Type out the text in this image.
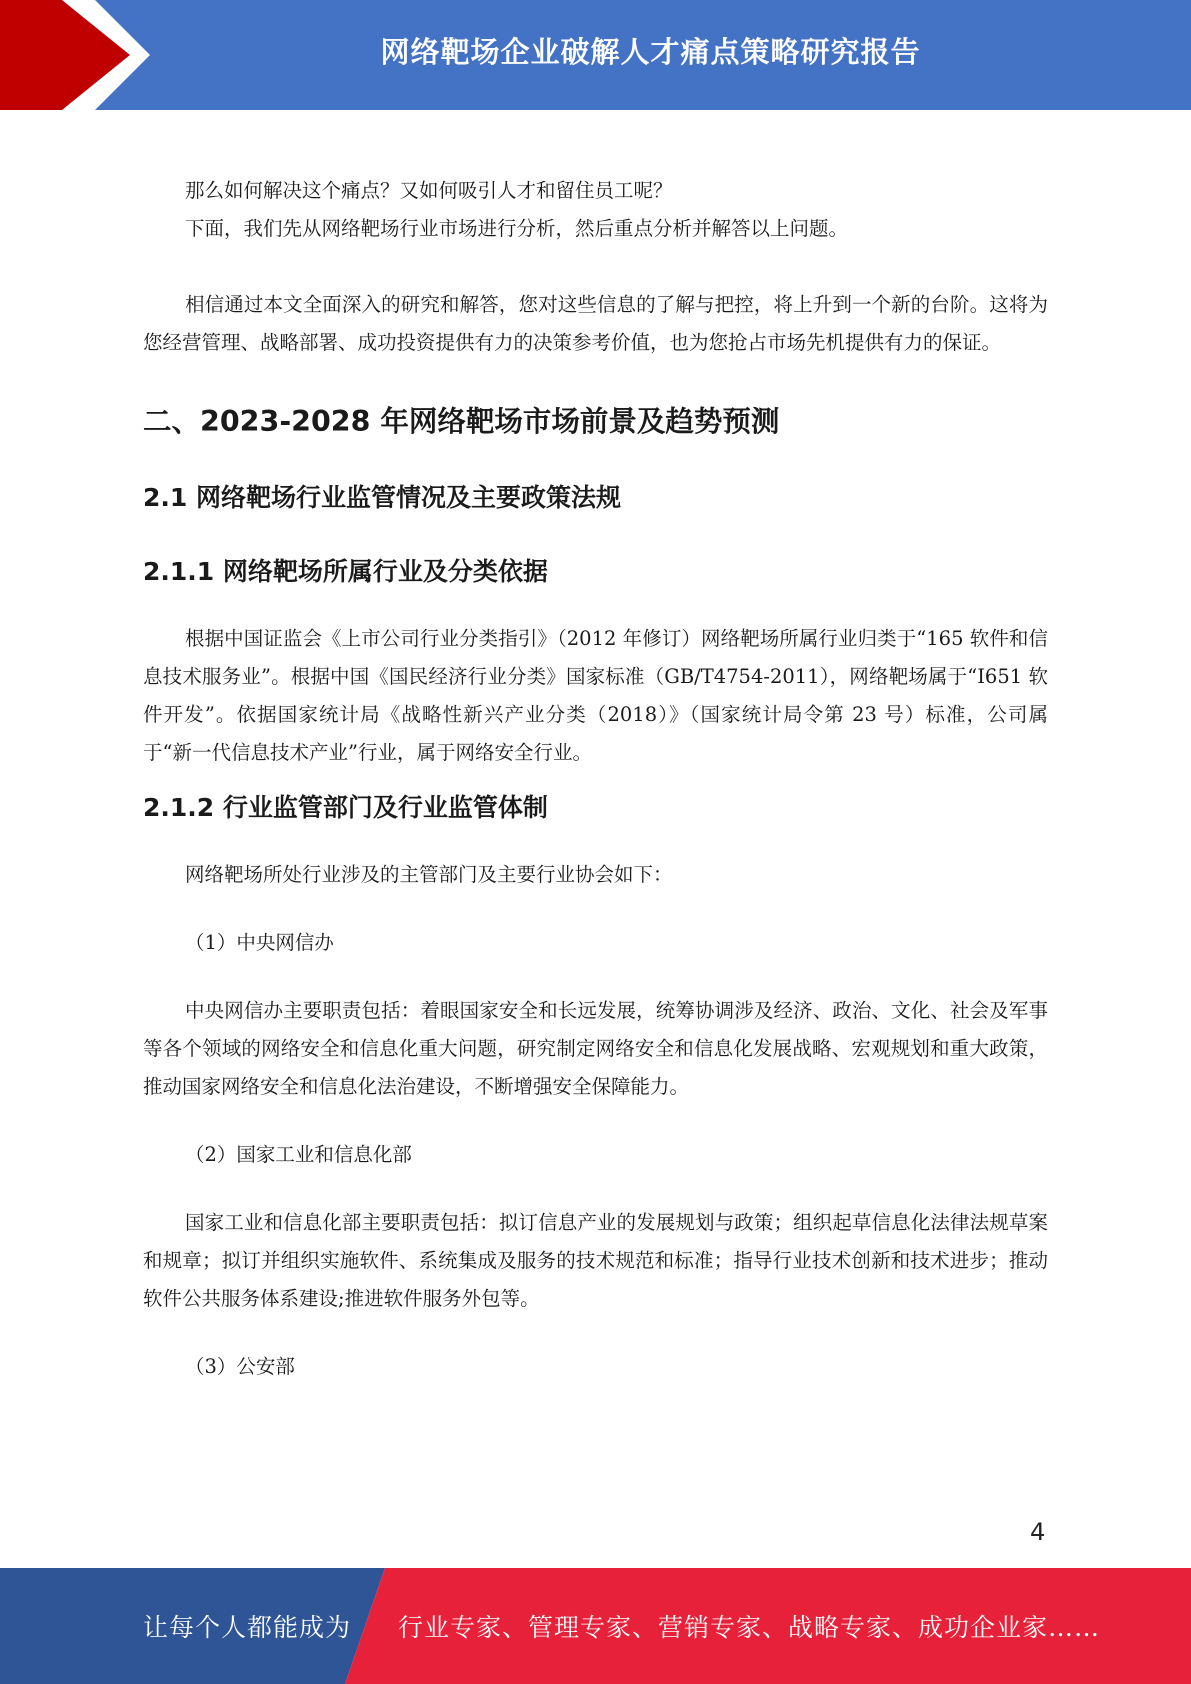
网络靶场企业破解人才痛点策略研究报告

那么如何解决这个痛点？又如何吸引人才和留住员工呢？

下面，我们先从网络靶场行业市场进行分析，然后重点分析并解答以上问题。

相信通过本文全面深入的研究和解答，您对这些信息的了解与把控，将上升到一个新的台阶。这将为您经营管理、战略部署、成功投资提供有力的决策参考价值，也为您抢占市场先机提供有力的保证。

二、2023-2028 年网络靶场市场前景及趋势预测
2.1 网络靶场行业监管情况及主要政策法规
2.1.1 网络靶场所属行业及分类依据

根据中国证监会《上市公司行业分类指引》（2012 年修订）网络靶场所属行业归类于“165 软件和信息技术服务业”。根据中国《国民经济行业分类》国家标准（GB/T4754-2011），网络靶场属于“I651 软件开发”。依据国家统计局《战略性新兴产业分类（2018）》（国家统计局令第 23 号）标准，公司属于“新一代信息技术产业”行业，属于网络安全行业。

2.1.2 行业监管部门及行业监管体制

网络靶场所处行业涉及的主管部门及主要行业协会如下：

（1）中央网信办

中央网信办主要职责包括：着眼国家安全和长远发展，统筹协调涉及经济、政治、文化、社会及军事等各个领域的网络安全和信息化重大问题，研究制定网络安全和信息化发展战略、宏观规划和重大政策，推动国家网络安全和信息化法治建设，不断增强安全保障能力。

（2）国家工业和信息化部

国家工业和信息化部主要职责包括：拟订信息产业的发展规划与政策；组织起草信息化法律法规草案和规章；拟订并组织实施软件、系统集成及服务的技术规范和标准；指导行业技术创新和技术进步；推动软件公共服务体系建设;推进软件服务外包等。

（3）公安部

4
让每个人都能成为 行业专家、管理专家、营销专家、战略专家、成功企业家……
